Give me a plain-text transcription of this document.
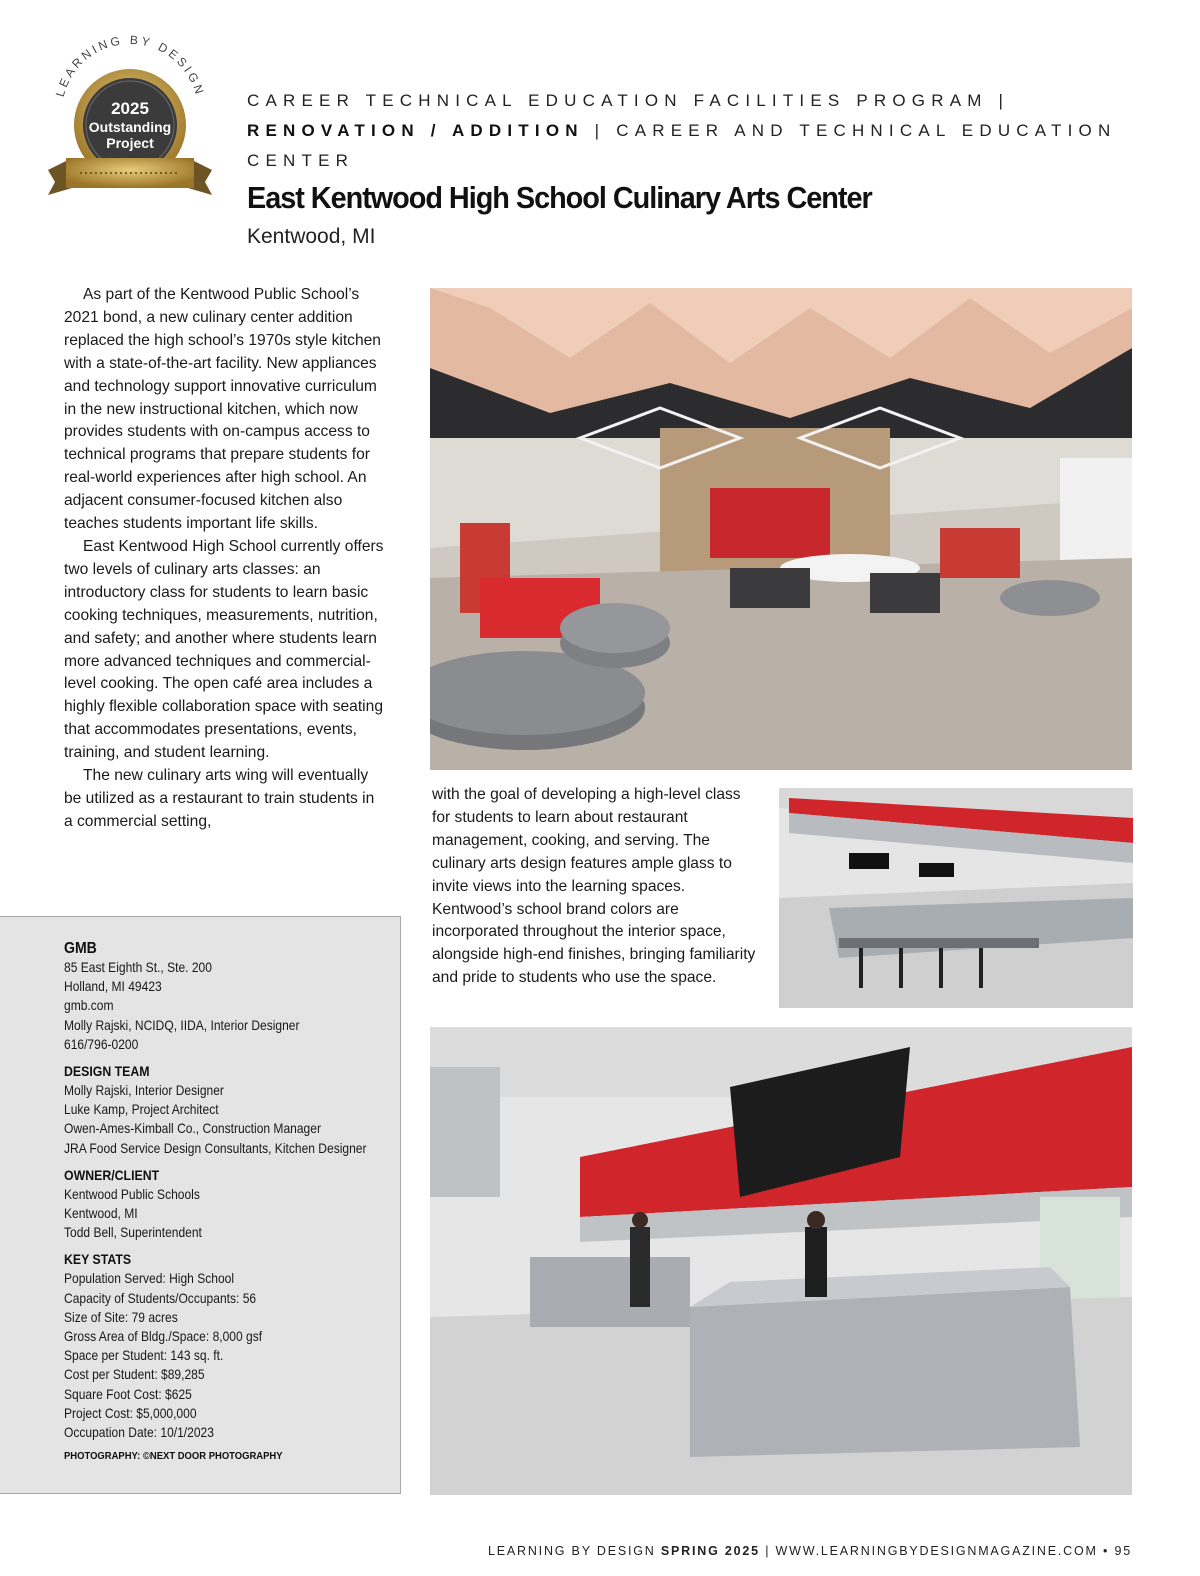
LEARNING BY DESIGN
2025
Outstanding
Project
CAREER TECHNICAL EDUCATION FACILITIES PROGRAM |
RENOVATION / ADDITION | CAREER AND TECHNICAL EDUCATION
CENTER
East Kentwood High School Culinary Arts Center
Kentwood, MI

As part of the Kentwood Public School’s 2021 bond, a new culinary center addition replaced the high school’s 1970s style kitchen with a state-of-the-art facility. New appliances and technology support innovative curriculum in the new instructional kitchen, which now provides students with on-campus access to technical programs that prepare students for real-world experiences after high school. An adjacent consumer-focused kitchen also teaches students important life skills.

East Kentwood High School currently offers two levels of culinary arts classes: an introductory class for students to learn basic cooking techniques, measurements, nutrition, and safety; and another where students learn more advanced techniques and commercial-level cooking. The open café area includes a highly flexible collaboration space with seating that accommodates presentations, events, training, and student learning.

The new culinary arts wing will eventually be utilized as a restaurant to train students in a commercial setting,

with the goal of developing a high-level class for students to learn about restaurant management, cooking, and serving. The culinary arts design features ample glass to invite views into the learning spaces. Kentwood’s school brand colors are incorporated throughout the interior space, alongside high-end finishes, bringing familiarity and pride to students who use the space.

GMB
85 East Eighth St., Ste. 200
Holland, MI 49423
gmb.com
Molly Rajski, NCIDQ, IIDA, Interior Designer
616/796-0200
DESIGN TEAM
Molly Rajski, Interior Designer
Luke Kamp, Project Architect
Owen-Ames-Kimball Co., Construction Manager
JRA Food Service Design Consultants, Kitchen Designer
OWNER/CLIENT
Kentwood Public Schools
Kentwood, MI
Todd Bell, Superintendent
KEY STATS
Population Served: High School
Capacity of Students/Occupants: 56
Size of Site: 79 acres
Gross Area of Bldg./Space: 8,000 gsf
Space per Student: 143 sq. ft.
Cost per Student: $89,285
Square Foot Cost: $625
Project Cost: $5,000,000
Occupation Date: 10/1/2023
PHOTOGRAPHY: ©NEXT DOOR PHOTOGRAPHY
LEARNING BY DESIGN SPRING 2025 | WWW.LEARNINGBYDESIGNMAGAZINE.COM • 95
